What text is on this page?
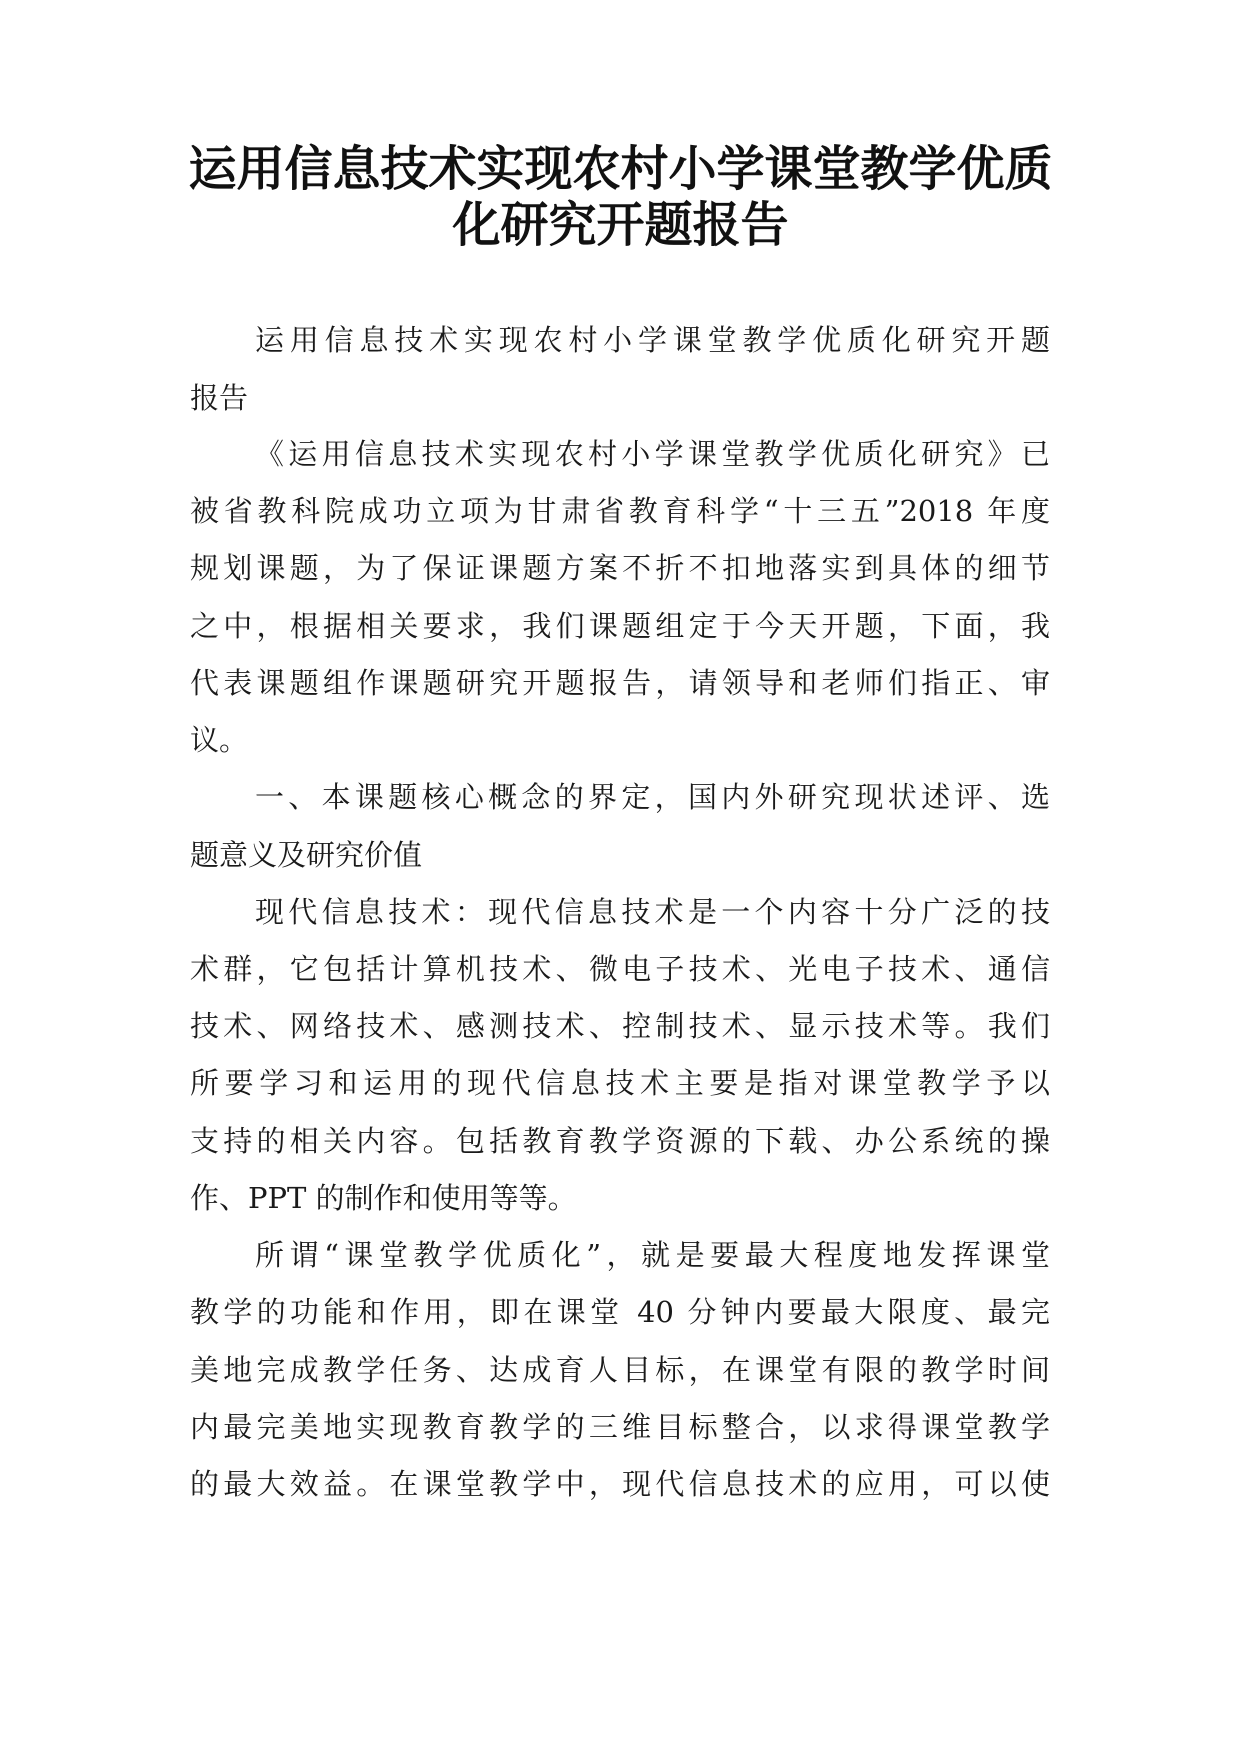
运用信息技术实现农村小学课堂教学优质
化研究开题报告
运用信息技术实现农村小学课堂教学优质化研究开题
报告
《运用信息技术实现农村小学课堂教学优质化研究》已
被省教科院成功立项为甘肃省教育科学“十三五”2018 年度
规划课题，为了保证课题方案不折不扣地落实到具体的细节
之中，根据相关要求，我们课题组定于今天开题，下面，我
代表课题组作课题研究开题报告，请领导和老师们指正、审
议。
一、本课题核心概念的界定，国内外研究现状述评、选
题意义及研究价值
现代信息技术：现代信息技术是一个内容十分广泛的技
术群，它包括计算机技术、微电子技术、光电子技术、通信
技术、网络技术、感测技术、控制技术、显示技术等。我们
所要学习和运用的现代信息技术主要是指对课堂教学予以
支持的相关内容。包括教育教学资源的下载、办公系统的操
作、PPT 的制作和使用等等。
所谓“课堂教学优质化”，就是要最大程度地发挥课堂
教学的功能和作用，即在课堂 40 分钟内要最大限度、最完
美地完成教学任务、达成育人目标，在课堂有限的教学时间
内最完美地实现教育教学的三维目标整合，以求得课堂教学
的最大效益。在课堂教学中，现代信息技术的应用，可以使
